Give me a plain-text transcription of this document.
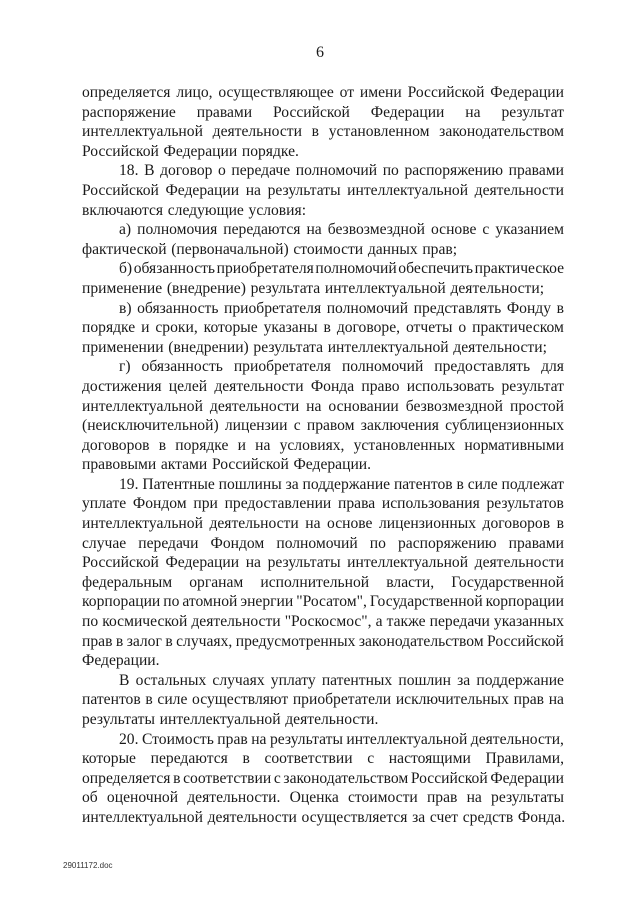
6
определяется лицо, осуществляющее от имени Российской Федерации
распоряжение правами Российской Федерации на результат
интеллектуальной деятельности в установленном законодательством
Российской Федерации порядке.
18. В договор о передаче полномочий по распоряжению правами
Российской Федерации на результаты интеллектуальной деятельности
включаются следующие условия:
а) полномочия передаются на безвозмездной основе с указанием
фактической (первоначальной) стоимости данных прав;
б) обязанность приобретателя полномочий обеспечить практическое
применение (внедрение) результата интеллектуальной деятельности;
в) обязанность приобретателя полномочий представлять Фонду в
порядке и сроки, которые указаны в договоре, отчеты о практическом
применении (внедрении) результата интеллектуальной деятельности;
г) обязанность приобретателя полномочий предоставлять для
достижения целей деятельности Фонда право использовать результат
интеллектуальной деятельности на основании безвозмездной простой
(неисключительной) лицензии с правом заключения сублицензионных
договоров в порядке и на условиях, установленных нормативными
правовыми актами Российской Федерации.
19. Патентные пошлины за поддержание патентов в силе подлежат
уплате Фондом при предоставлении права использования результатов
интеллектуальной деятельности на основе лицензионных договоров в
случае передачи Фондом полномочий по распоряжению правами
Российской Федерации на результаты интеллектуальной деятельности
федеральным органам исполнительной власти, Государственной
корпорации по атомной энергии "Росатом", Государственной корпорации
по космической деятельности "Роскосмос", а также передачи указанных
прав в залог в случаях, предусмотренных законодательством Российской
Федерации.
В остальных случаях уплату патентных пошлин за поддержание
патентов в силе осуществляют приобретатели исключительных прав на
результаты интеллектуальной деятельности.
20. Стоимость прав на результаты интеллектуальной деятельности,
которые передаются в соответствии с настоящими Правилами,
определяется в соответствии с законодательством Российской Федерации
об оценочной деятельности. Оценка стоимости прав на результаты
интеллектуальной деятельности осуществляется за счет средств Фонда.
29011172.doc
